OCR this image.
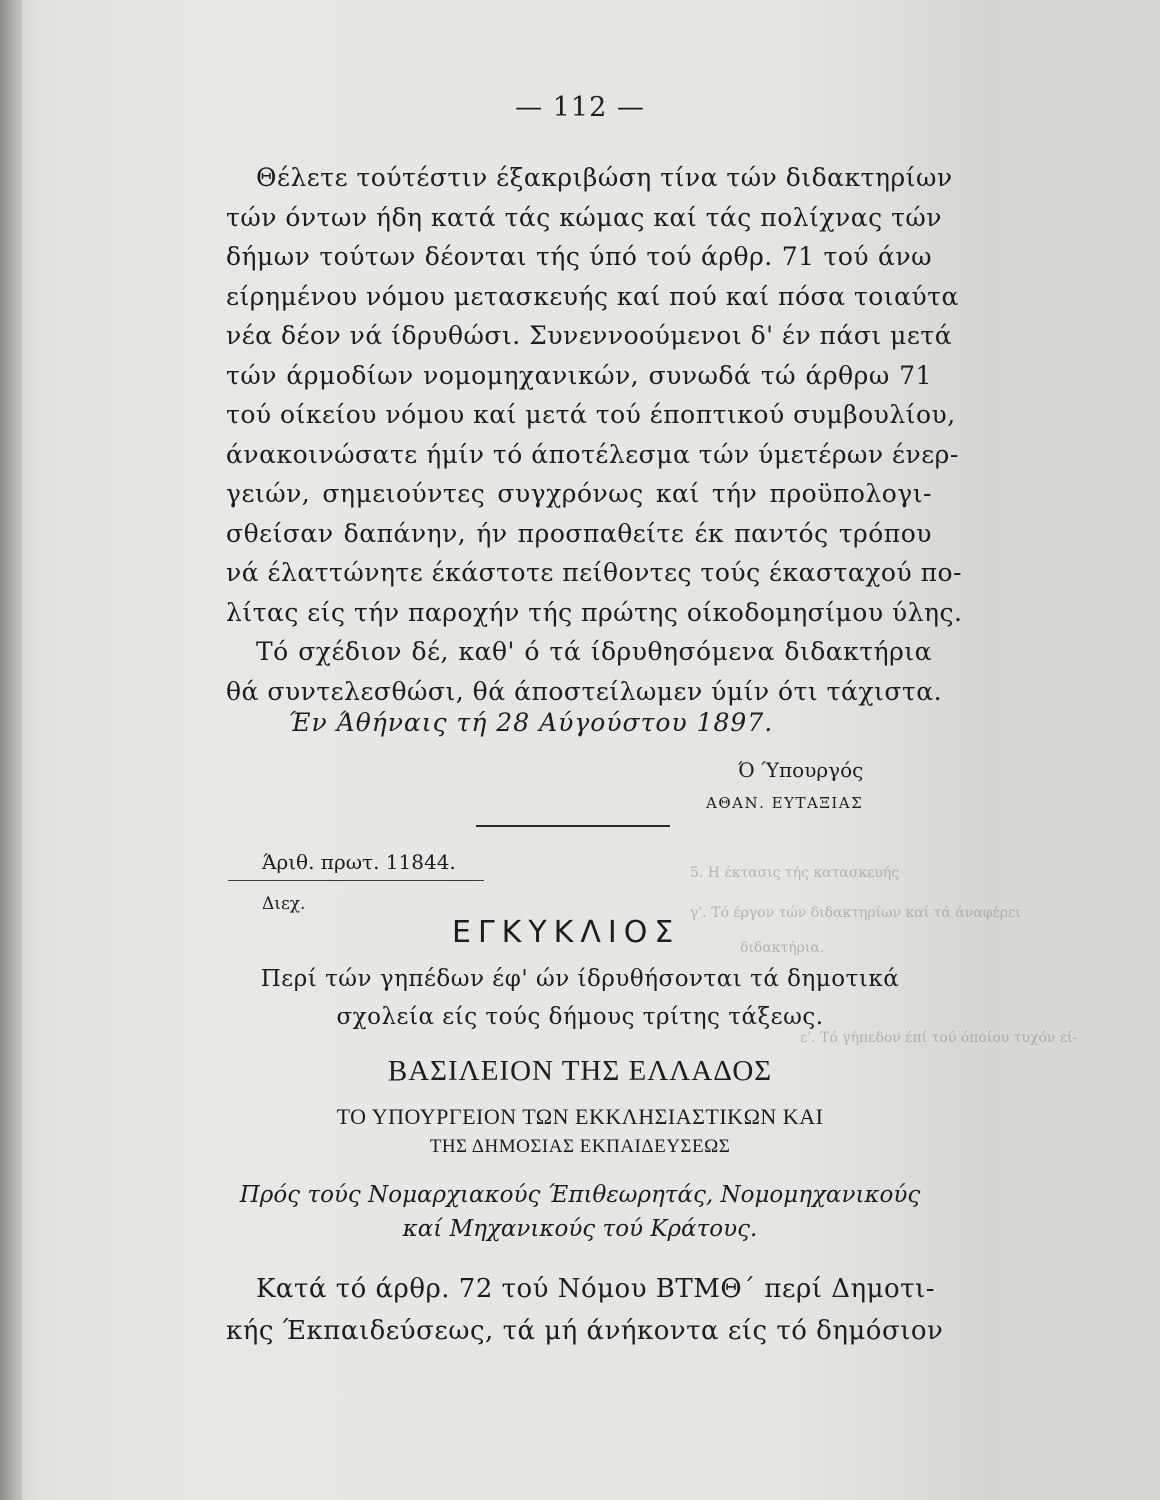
5. Η έκτασις τής κατασκευής
γ'. Τό έργον τών διδακτηρίων καί τά άναφέρει
διδακτήρια.
ε'. Τό γήπεδον έπί τού όποίου τυχόν εί-
— 112 —
Θέλετε τούτέστιν έξακριβώση τίνα τών διδακτηρίων
τών όντων ήδη κατά τάς κώμας καί τάς πολίχνας τών
δήμων τούτων δέονται τής ύπό τού άρθρ. 71 τού άνω
είρημένου νόμου μετασκευής καί πού καί πόσα τοιαύτα
νέα δέον νά ίδρυθώσι. Συνεννοούμενοι δ' έν πάσι μετά
τών άρμοδίων νομομηχανικών, συνωδά τώ άρθρω 71
τού οίκείου νόμου καί μετά τού έποπτικού συμβουλίου,
άνακοινώσατε ήμίν τό άποτέλεσμα τών ύμετέρων ένερ-
γειών, σημειούντες συγχρόνως καί τήν προϋπολογι-
σθείσαν δαπάνην, ήν προσπαθείτε έκ παντός τρόπου
νά έλαττώνητε έκάστοτε πείθοντες τούς έκασταχού πο-
λίτας είς τήν παροχήν τής πρώτης οίκοδομησίμου ύλης.
Τό σχέδιον δέ, καθ' ό τά ίδρυθησόμενα διδακτήρια
θά συντελεσθώσι, θά άποστείλωμεν ύμίν ότι τάχιστα.
Έν Άθήναις τή 28 Αύγούστου 1897.
Ό Ύπουργός
ΑΘΑΝ. ΕΥΤΑΞΙΑΣ
Άριθ. πρωτ. 11844.
Διεχ.
ΕΓΚΥΚΛΙΟΣ
Περί τών γηπέδων έφ' ών ίδρυθήσονται τά δημοτικά
σχολεία είς τούς δήμους τρίτης τάξεως.
ΒΑΣΙΛΕΙΟΝ ΤΗΣ ΕΛΛΑΔΟΣ
ΤΟ ΥΠΟΥΡΓΕΙΟΝ ΤΩΝ ΕΚΚΛΗΣΙΑΣΤΙΚΩΝ ΚΑΙ
ΤΗΣ ΔΗΜΟΣΙΑΣ ΕΚΠΑΙΔΕΥΣΕΩΣ
Πρός τούς Νομαρχιακούς Έπιθεωρητάς, Νομομηχανικούς
καί Μηχανικούς τού Κράτους.
Κατά τό άρθρ. 72 τού Νόμου ΒΤΜΘ΄ περί Δημοτι-
κής Έκπαιδεύσεως, τά μή άνήκοντα είς τό δημόσιον
